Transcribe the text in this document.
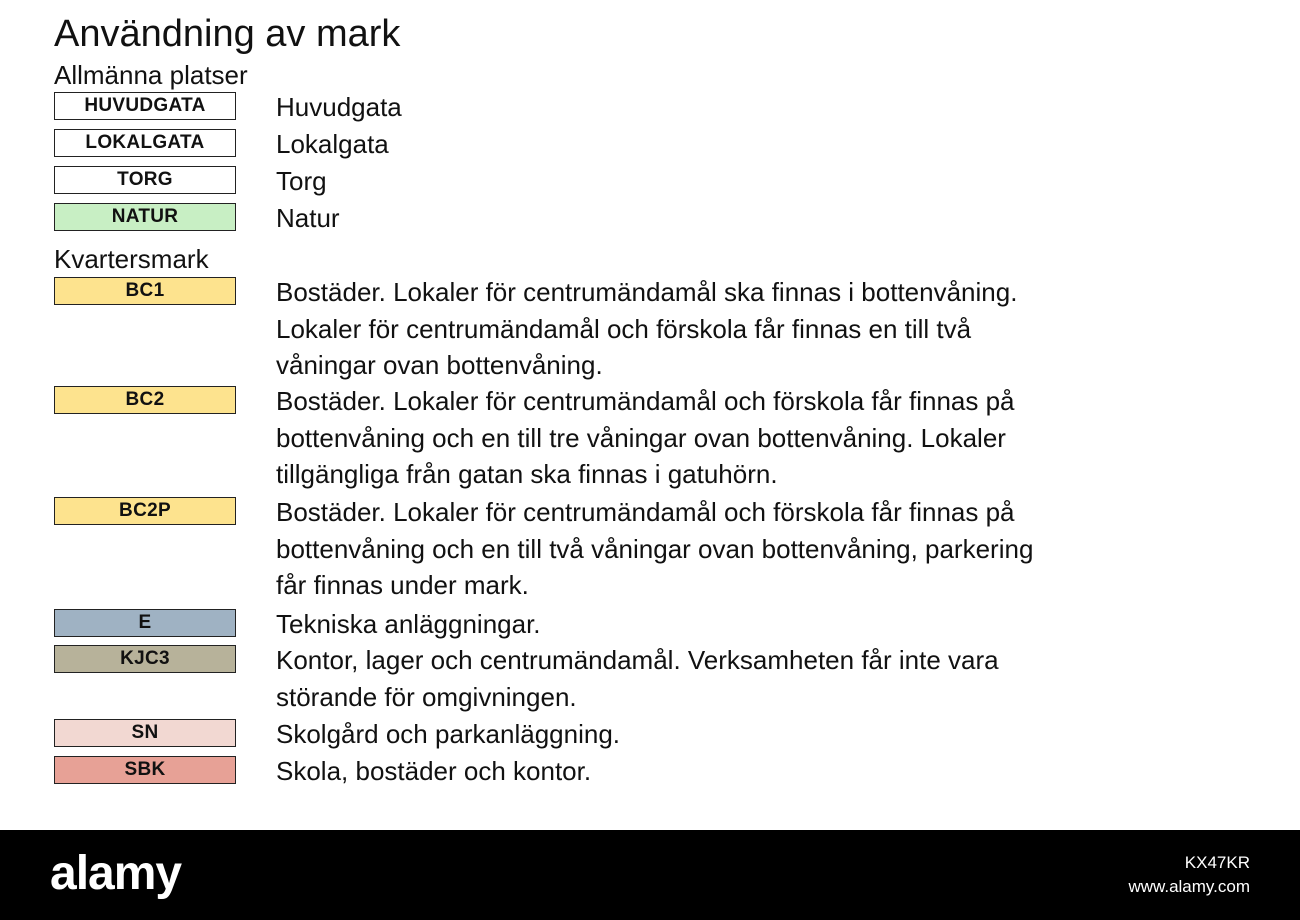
Användning av mark
Allmänna platser
Kvartersmark
HUVUDGATA	Huvudgata
LOKALGATA	Lokalgata
TORG	Torg
NATUR	Natur
BC1	Bostäder. Lokaler för centrumändamål ska finnas i bottenvåning.
Lokaler för centrumändamål och förskola får finnas en till två
våningar ovan bottenvåning.
BC2	Bostäder. Lokaler för centrumändamål och förskola får finnas på
bottenvåning och en till tre våningar ovan bottenvåning. Lokaler
tillgängliga från gatan ska finnas i gatuhörn.
BC2P	Bostäder. Lokaler för centrumändamål och förskola får finnas på
bottenvåning och en till två våningar ovan bottenvåning, parkering
får finnas under mark.
E	Tekniska anläggningar.
KJC3	Kontor, lager och centrumändamål. Verksamheten får inte vara
störande för omgivningen.
SN	Skolgård och parkanläggning.
SBK	Skola, bostäder och kontor.
alamy	KX47KR
www.alamy.com
